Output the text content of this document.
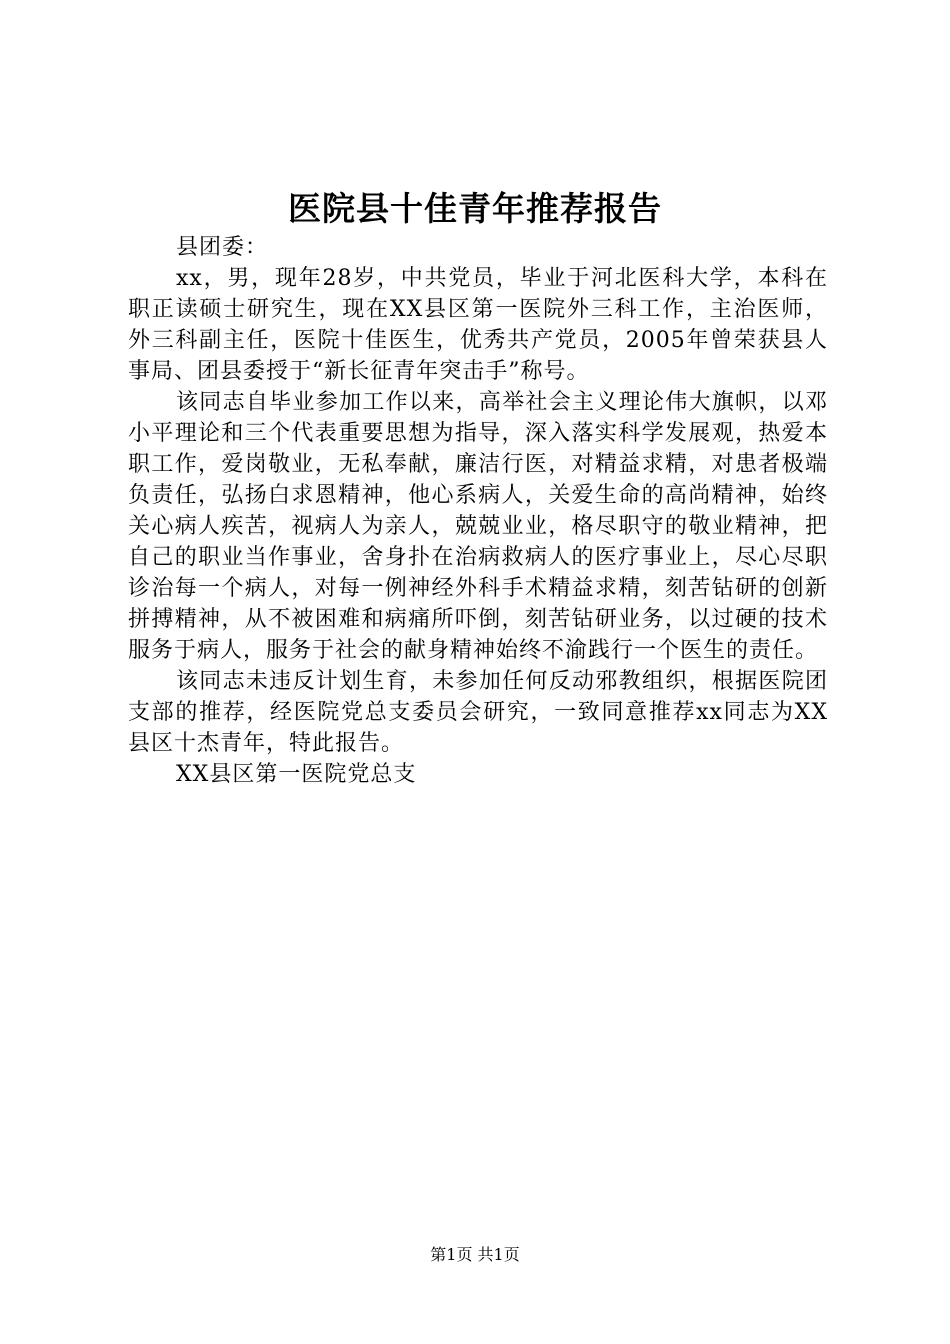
医院县十佳青年推荐报告

县团委：

xx，男，现年28岁，中共党员，毕业于河北医科大学，本科在职正读硕士研究生，现在XX县区第一医院外三科工作，主治医师，外三科副主任，医院十佳医生，优秀共产党员，2005年曾荣获县人事局、团县委授于“新长征青年突击手”称号。

该同志自毕业参加工作以来，高举社会主义理论伟大旗帜，以邓小平理论和三个代表重要思想为指导，深入落实科学发展观，热爱本职工作，爱岗敬业，无私奉献，廉洁行医，对精益求精，对患者极端负责任，弘扬白求恩精神，他心系病人，关爱生命的高尚精神，始终关心病人疾苦，视病人为亲人，兢兢业业，格尽职守的敬业精神，把自己的职业当作事业，舍身扑在治病救病人的医疗事业上，尽心尽职诊治每一个病人，对每一例神经外科手术精益求精，刻苦钻研的创新拼搏精神，从不被困难和病痛所吓倒，刻苦钻研业务，以过硬的技术服务于病人，服务于社会的献身精神始终不渝践行一个医生的责任。

该同志未违反计划生育，未参加任何反动邪教组织，根据医院团支部的推荐，经医院党总支委员会研究，一致同意推荐xx同志为XX县区十杰青年，特此报告。

XX县区第一医院党总支

第1页 共1页
